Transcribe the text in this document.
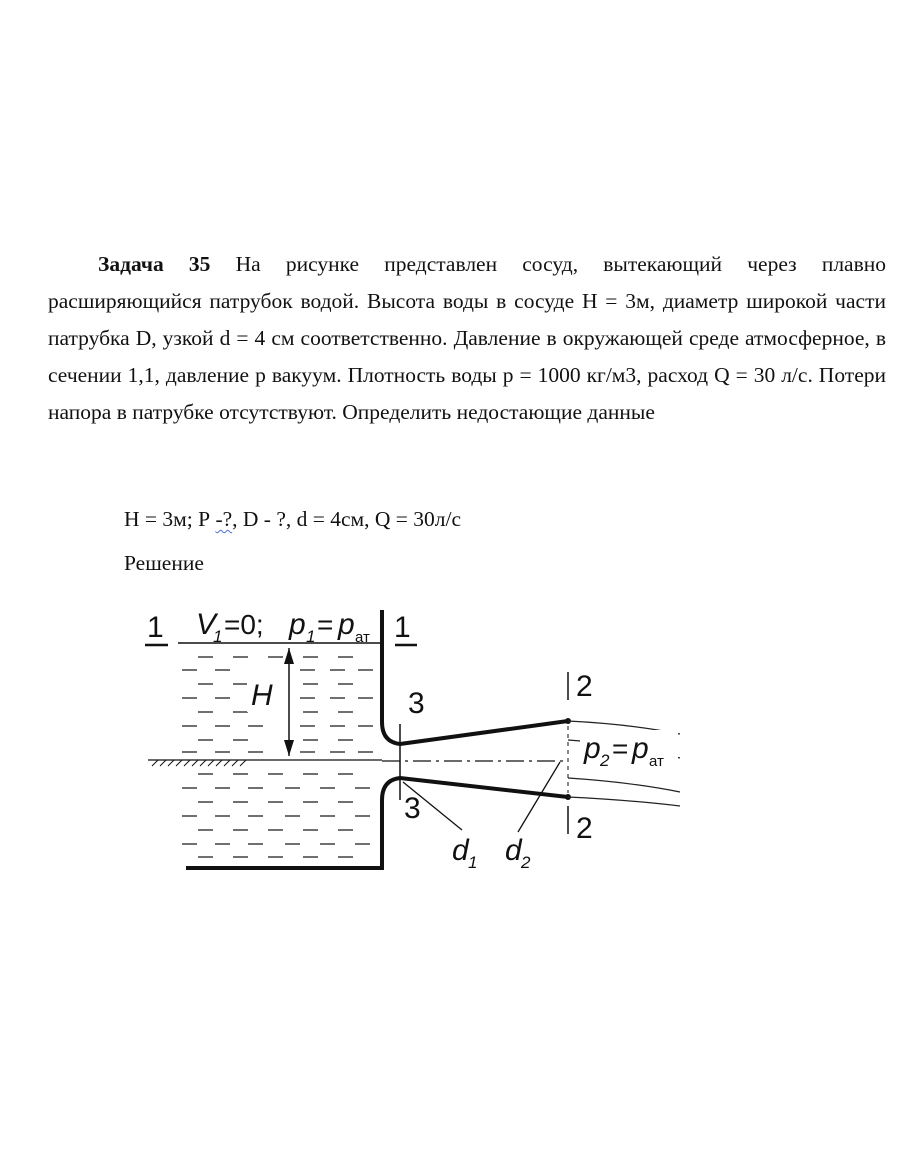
Задача 35 На рисунке представлен сосуд, вытекающий через плавно расширяющийся патрубок водой. Высота воды в сосуде Н = 3м, диаметр широкой части патрубка D, узкой d = 4 см соответственно. Давление в окружающей среде атмосферное, в сечении 1,1, давление р вакуум. Плотность воды р = 1000 кг/м3, расход Q = 30 л/с. Потери напора в патрубке отсутствуют. Определить недостающие данные

Н = 3м; Р -?, D - ?, d = 4см, Q = 30л/с
Решение
1	1
V
1 =0; p 1 = p ат
H	3
3
2
2
p 2 = p ат
d 1 d 2
